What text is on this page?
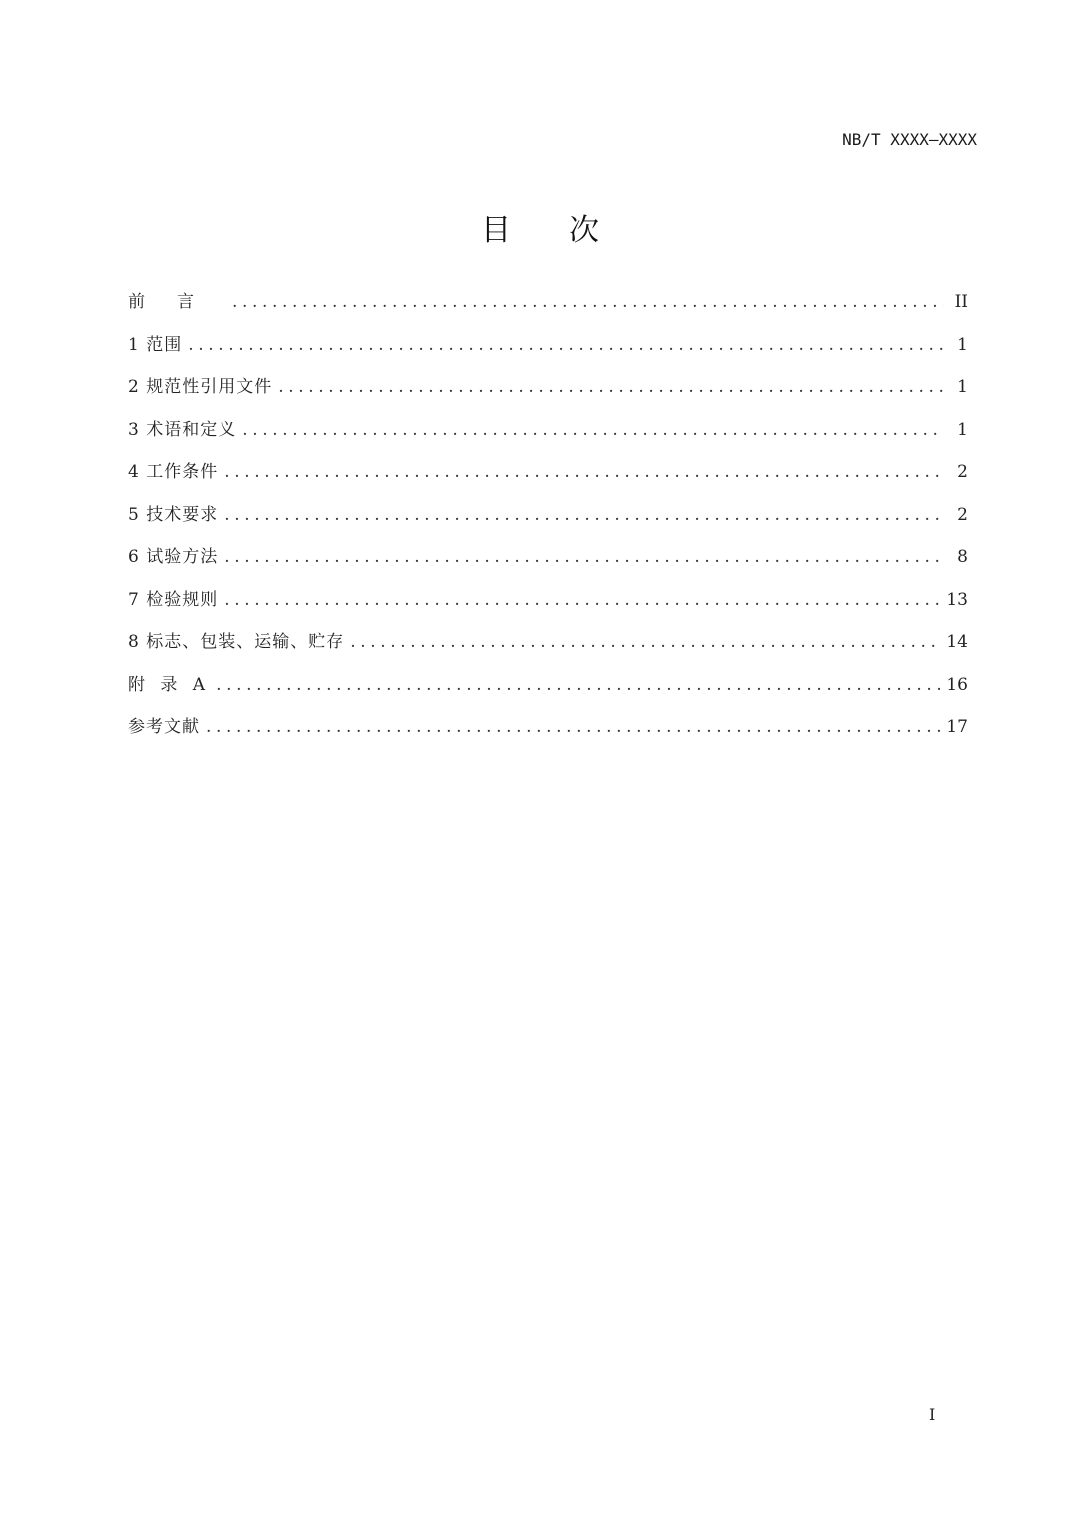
NB/T XXXX—XXXX
目次
前言 .....	II
1 范围 .....	1
2 规范性引用文件 .....	1
3 术语和定义 .....	1
4 工作条件 .....	2
5 技术要求 .....	2
6 试验方法 .....	8
7 检验规则 .....	13
8 标志、包装、运输、贮存 .....	14
附 录 A .....	16
参考文献 .....	17
I
